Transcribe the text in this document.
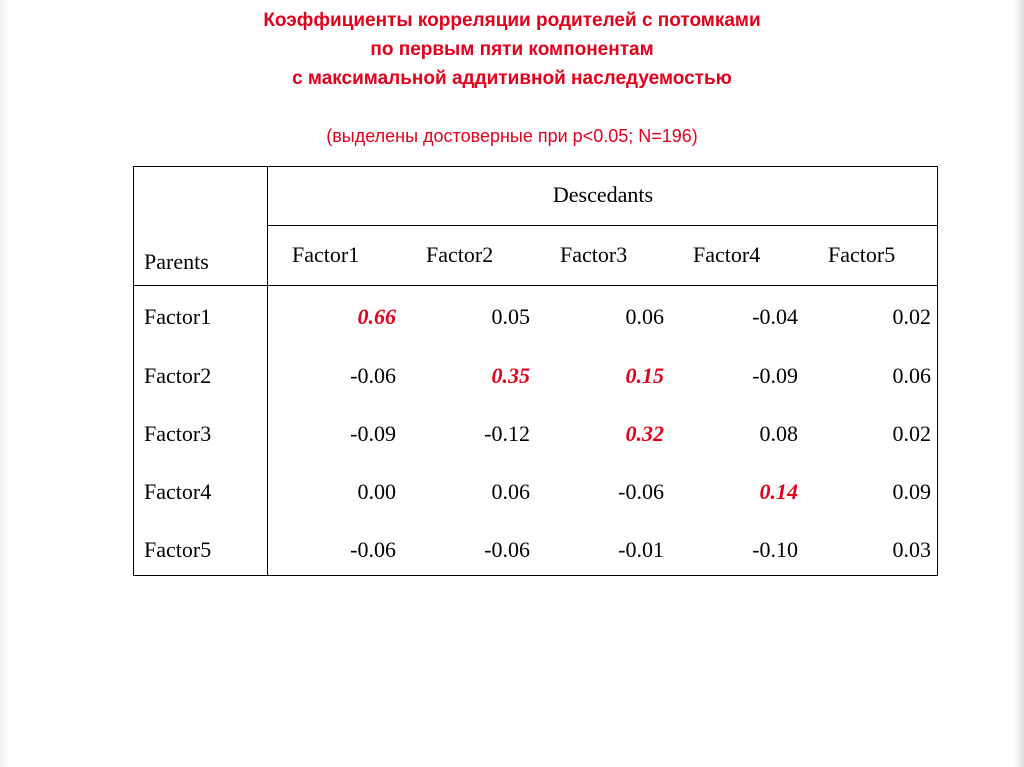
Коэффициенты корреляции родителей с потомками
по первым пяти компонентам
с максимальной аддитивной наследуемостью
(выделены достоверные при р<0.05; N=196)
Descedants
Parents	Factor1	Factor2	Factor3	Factor4	Factor5
Factor1	0.66	0.05	0.06	-0.04	0.02
Factor2	-0.06	0.35	0.15	-0.09	0.06
Factor3	-0.09	-0.12	0.32	0.08	0.02
Factor4	0.00	0.06	-0.06	0.14	0.09
Factor5	-0.06	-0.06	-0.01	-0.10	0.03
